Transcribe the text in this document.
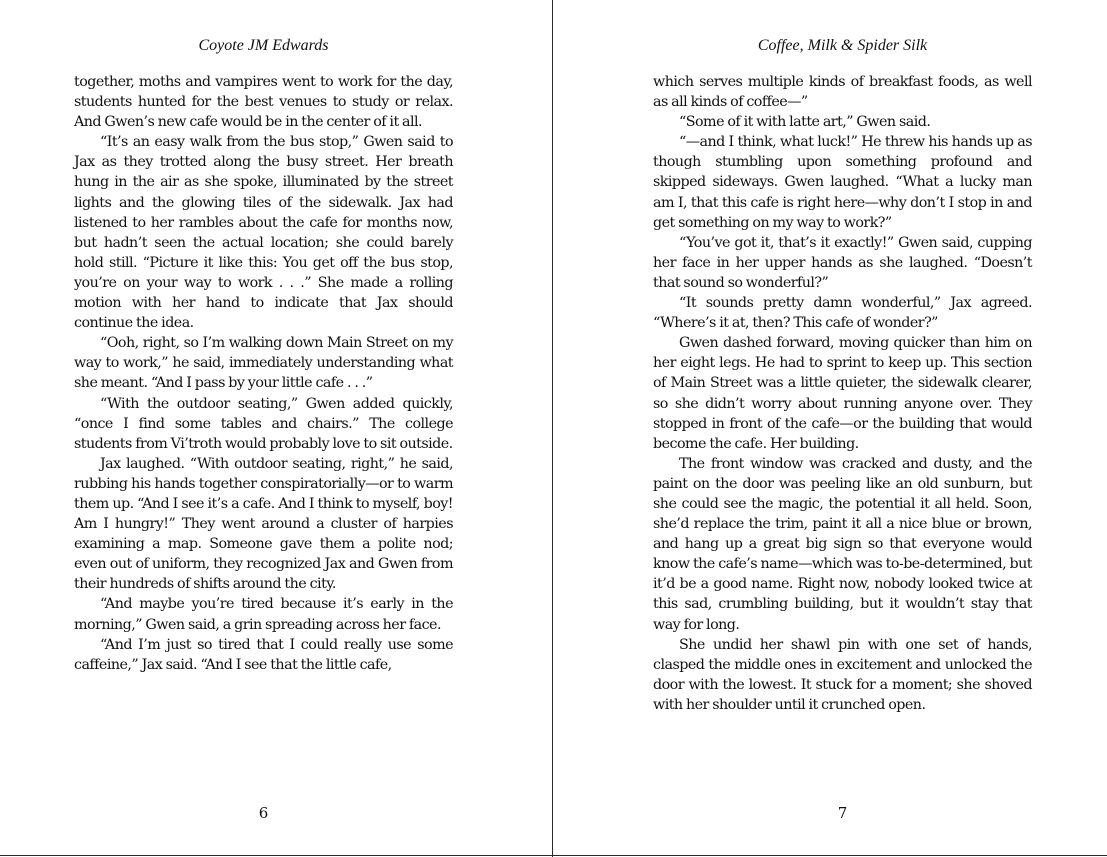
Coyote JM Edwards

together, moths and vampires went to work for the day, students hunted for the best venues to study or relax. And Gwen’s new cafe would be in the center of it all.

“It’s an easy walk from the bus stop,” Gwen said to Jax as they trotted along the busy street. Her breath hung in the air as she spoke, illuminated by the street lights and the glowing tiles of the sidewalk. Jax had listened to her rambles about the cafe for months now, but hadn’t seen the actual location; she could barely hold still. “Picture it like this: You get off the bus stop, you’re on your way to work . . .” She made a rolling motion with her hand to indicate that Jax should continue the idea.

“Ooh, right, so I’m walking down Main Street on my way to work,” he said, immediately understanding what she meant. “And I pass by your little cafe . . .”

“With the outdoor seating,” Gwen added quickly, “once I find some tables and chairs.” The college students from Vi’troth would probably love to sit outside.

Jax laughed. “With outdoor seating, right,” he said, rubbing his hands together conspiratorially—or to warm them up. “And I see it’s a cafe. And I think to myself, boy! Am I hungry!” They went around a cluster of harpies examining a map. Someone gave them a polite nod; even out of uniform, they recognized Jax and Gwen from their hundreds of shifts around the city.

“And maybe you’re tired because it’s early in the morning,” Gwen said, a grin spreading across her face.

“And I’m just so tired that I could really use some caffeine,” Jax said. “And I see that the little cafe,

6

Coffee, Milk & Spider Silk

which serves multiple kinds of breakfast foods, as well as all kinds of coffee—”

“Some of it with latte art,” Gwen said.

“—and I think, what luck!” He threw his hands up as though stumbling upon something profound and skipped sideways. Gwen laughed. “What a lucky man am I, that this cafe is right here—why don’t I stop in and get something on my way to work?”

“You’ve got it, that’s it exactly!” Gwen said, cupping her face in her upper hands as she laughed. “Doesn’t that sound so wonderful?”

“It sounds pretty damn wonderful,” Jax agreed. “Where’s it at, then? This cafe of wonder?”

Gwen dashed forward, moving quicker than him on her eight legs. He had to sprint to keep up. This section of Main Street was a little quieter, the sidewalk clearer, so she didn’t worry about running anyone over. They stopped in front of the cafe—or the building that would become the cafe. Her building.

The front window was cracked and dusty, and the paint on the door was peeling like an old sunburn, but she could see the magic, the potential it all held. Soon, she’d replace the trim, paint it all a nice blue or brown, and hang up a great big sign so that everyone would know the cafe’s name—which was to-be-determined, but it’d be a good name. Right now, nobody looked twice at this sad, crumbling building, but it wouldn’t stay that way for long.

She undid her shawl pin with one set of hands, clasped the middle ones in excitement and unlocked the door with the lowest. It stuck for a moment; she shoved with her shoulder until it crunched open.

7
